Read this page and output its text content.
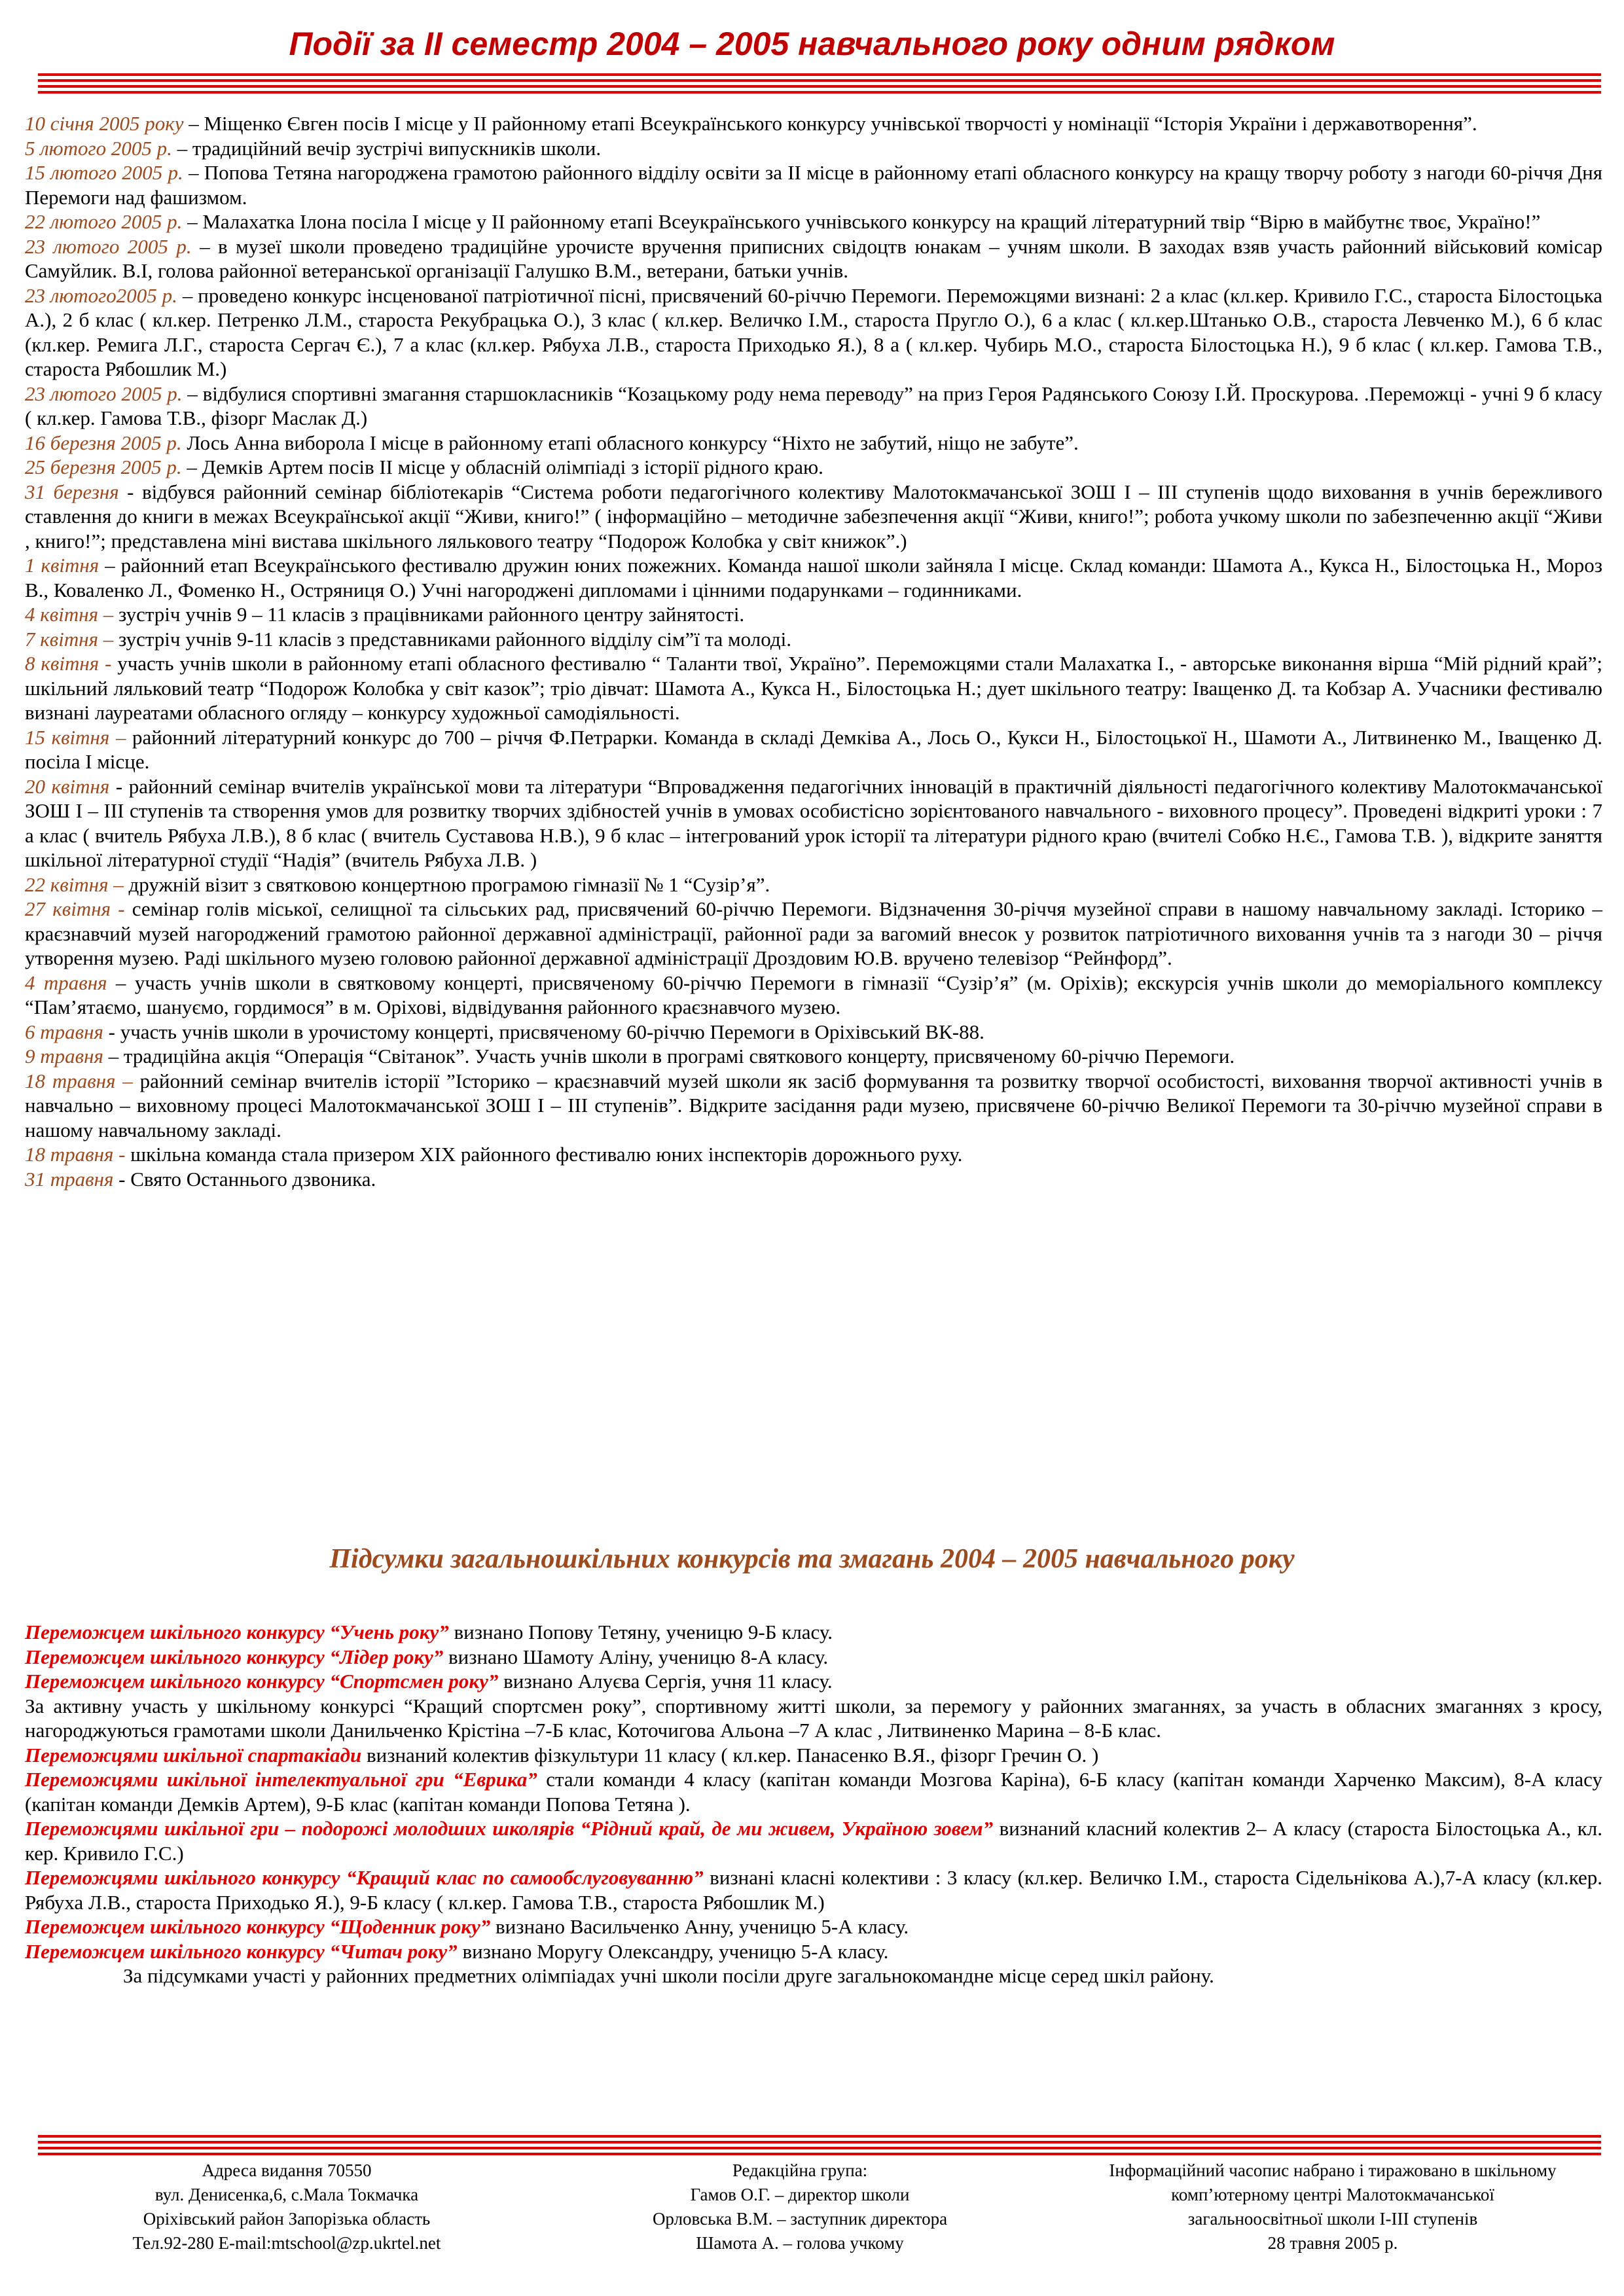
Події за ІІ семестр 2004 – 2005 навчального року одним рядком

10 січня 2005 року – Міщенко Євген посів І місце у ІІ районному етапі Всеукраїнського конкурсу учнівської творчості у номінації “Історія України і державотворення”.

5 лютого 2005 р. – традиційний вечір зустрічі випускників школи.

15 лютого 2005 р. – Попова Тетяна нагороджена грамотою районного відділу освіти за ІІ місце в районному етапі обласного конкурсу на кращу творчу роботу з нагоди 60-річчя Дня Перемоги над фашизмом.

22 лютого 2005 р. – Малахатка Ілона посіла І місце у ІІ районному етапі Всеукраїнського учнівського конкурсу на кращий літературний твір “Вірю в майбутнє твоє, Україно!”

23 лютого 2005 р. – в музеї школи проведено традиційне урочисте вручення приписних свідоцтв юнакам – учням школи. В заходах взяв участь районний військовий комісар Самуйлик. В.І, голова районної ветеранської організації Галушко В.М., ветерани, батьки учнів.

23 лютого2005 р. – проведено конкурс інсценованої патріотичної пісні, присвячений 60-річчю Перемоги. Переможцями визнані: 2 а клас (кл.кер. Кривило Г.С., староста Білостоцька А.), 2 б клас ( кл.кер. Петренко Л.М., староста Рекубрацька О.), 3 клас ( кл.кер. Величко І.М., староста Пругло О.), 6 а клас ( кл.кер.Штанько О.В., староста Левченко М.), 6 б клас (кл.кер. Ремига Л.Г., староста Сергач Є.), 7 а клас (кл.кер. Рябуха Л.В., староста Приходько Я.), 8 а ( кл.кер. Чубирь М.О., староста Білостоцька Н.), 9 б клас ( кл.кер. Гамова Т.В., староста Рябошлик М.)

23 лютого 2005 р. – відбулися спортивні змагання старшокласників “Козацькому роду нема переводу” на приз Героя Радянського Союзу І.Й. Проскурова. .Переможці - учні 9 б класу ( кл.кер. Гамова Т.В., фізорг Маслак Д.)

16 березня 2005 р. Лось Анна виборола І місце в районному етапі обласного конкурсу “Ніхто не забутий, ніщо не забуте”.

25 березня 2005 р. – Демків Артем посів ІІ місце у обласній олімпіаді з історії рідного краю.

31 березня - відбувся районний семінар бібліотекарів “Система роботи педагогічного колективу Малотокмачанської ЗОШ І – ІІІ ступенів щодо виховання в учнів бережливого ставлення до книги в межах Всеукраїнської акції “Живи, книго!” ( інформаційно – методичне забезпечення акції “Живи, книго!”; робота учкому школи по забезпеченню акції “Живи , книго!”; представлена міні вистава шкільного лялькового театру “Подорож Колобка у світ книжок”.)

1 квітня – районний етап Всеукраїнського фестивалю дружин юних пожежних. Команда нашої школи зайняла І місце. Склад команди: Шамота А., Кукса Н., Білостоцька Н., Мороз В., Коваленко Л., Фоменко Н., Остряниця О.) Учні нагороджені дипломами і цінними подарунками – годинниками.

4 квітня – зустріч учнів 9 – 11 класів з працівниками районного центру зайнятості.

7 квітня – зустріч учнів 9-11 класів з представниками районного відділу сім”ї та молоді.

8 квітня - участь учнів школи в районному етапі обласного фестивалю “ Таланти твої, Україно”. Переможцями стали Малахатка І., - авторське виконання вірша “Мій рідний край”; шкільний ляльковий театр “Подорож Колобка у світ казок”; тріо дівчат: Шамота А., Кукса Н., Білостоцька Н.; дует шкільного театру: Іващенко Д. та Кобзар А. Учасники фестивалю визнані лауреатами обласного огляду – конкурсу художньої самодіяльності.

15 квітня – районний літературний конкурс до 700 – річчя Ф.Петрарки. Команда в складі Демківа А., Лось О., Кукси Н., Білостоцької Н., Шамоти А., Литвиненко М., Іващенко Д. посіла І місце.

20 квітня - районний семінар вчителів української мови та літератури “Впровадження педагогічних інновацій в практичній діяльності педагогічного колективу Малотокмачанської ЗОШ І – ІІІ ступенів та створення умов для розвитку творчих здібностей учнів в умовах особистісно зорієнтованого навчального - виховного процесу”. Проведені відкриті уроки : 7 а клас ( вчитель Рябуха Л.В.), 8 б клас ( вчитель Суставова Н.В.), 9 б клас – інтегрований урок історії та літератури рідного краю (вчителі Собко Н.Є., Гамова Т.В. ), відкрите заняття шкільної літературної студії “Надія” (вчитель Рябуха Л.В. )

22 квітня – дружній візит з святковою концертною програмою гімназії № 1 “Сузір’я”.

27 квітня - семінар голів міської, селищної та сільських рад, присвячений 60-річчю Перемоги. Відзначення 30-річчя музейної справи в нашому навчальному закладі. Історико – краєзнавчий музей нагороджений грамотою районної державної адміністрації, районної ради за вагомий внесок у розвиток патріотичного виховання учнів та з нагоди 30 – річчя утворення музею. Раді шкільного музею головою районної державної адміністрації Дроздовим Ю.В. вручено телевізор “Рейнфорд”.

4 травня – участь учнів школи в святковому концерті, присвяченому 60-річчю Перемоги в гімназії “Сузір’я” (м. Оріхів); екскурсія учнів школи до меморіального комплексу “Пам’ятаємо, шануємо, гордимося” в м. Оріхові, відвідування районного краєзнавчого музею.

6 травня - участь учнів школи в урочистому концерті, присвяченому 60-річчю Перемоги в Оріхівський ВК-88.

9 травня – традиційна акція “Операція “Світанок”. Участь учнів школи в програмі святкового концерту, присвяченому 60-річчю Перемоги.

18 травня – районний семінар вчителів історії ”Історико – краєзнавчий музей школи як засіб формування та розвитку творчої особистості, виховання творчої активності учнів в навчально – виховному процесі Малотокмачанської ЗОШ І – ІІІ ступенів”. Відкрите засідання ради музею, присвячене 60-річчю Великої Перемоги та 30-річчю музейної справи в нашому навчальному закладі.

18 травня - шкільна команда стала призером ХІХ районного фестивалю юних інспекторів дорожнього руху.

31 травня - Свято Останнього дзвоника.

Підсумки загальношкільних конкурсів та змагань 2004 – 2005 навчального року

Переможцем шкільного конкурсу “Учень року” визнано Попову Тетяну, ученицю 9-Б класу.

Переможцем шкільного конкурсу “Лідер року” визнано Шамоту Аліну, ученицю 8-А класу.

Переможцем шкільного конкурсу “Спортсмен року” визнано Алуєва Сергія, учня 11 класу.

За активну участь у шкільному конкурсі “Кращий спортсмен року”, спортивному житті школи, за перемогу у районних змаганнях, за участь в обласних змаганнях з кросу, нагороджуються грамотами школи Данильченко Крістіна –7-Б клас, Коточигова Альона –7 А клас , Литвиненко Марина – 8-Б клас.

Переможцями шкільної спартакіади визнаний колектив фізкультури 11 класу ( кл.кер. Панасенко В.Я., фізорг Гречин О. )

Переможцями шкільної інтелектуальної гри “Еврика” стали команди 4 класу (капітан команди Мозгова Каріна), 6-Б класу (капітан команди Харченко Максим), 8-А класу (капітан команди Демків Артем), 9-Б клас (капітан команди Попова Тетяна ).

Переможцями шкільної гри – подорожі молодших школярів “Рідний край, де ми живем, Україною зовем” визнаний класний колектив 2– А класу (староста Білостоцька А., кл. кер. Кривило Г.С.)

Переможцями шкільного конкурсу “Кращий клас по самообслуговуванню” визнані класні колективи : 3 класу (кл.кер. Величко І.М., староста Сідельнікова А.),7-А класу (кл.кер. Рябуха Л.В., староста Приходько Я.), 9-Б класу ( кл.кер. Гамова Т.В., староста Рябошлик М.)

Переможцем шкільного конкурсу “Щоденник року” визнано Васильченко Анну, ученицю 5-А класу.

Переможцем шкільного конкурсу “Читач року” визнано Моругу Олександру, ученицю 5-А класу.

За підсумками участі у районних предметних олімпіадах учні школи посіли друге загальнокомандне місце серед шкіл району.

Адреса видання 70550

вул. Денисенка,6, с.Мала Токмачка

Оріхівський район Запорізька область

Тел.92-280 E-mail:mtschool@zp.ukrtel.net

Редакційна група:

Гамов О.Г. – директор школи

Орловська В.М. – заступник директора

Шамота А. – голова учкому

Інформаційний часопис набрано і тиражовано в шкільному

комп’ютерному центрі Малотокмачанської

загальноосвітньої школи І-ІІІ ступенів

28 травня 2005 р.
